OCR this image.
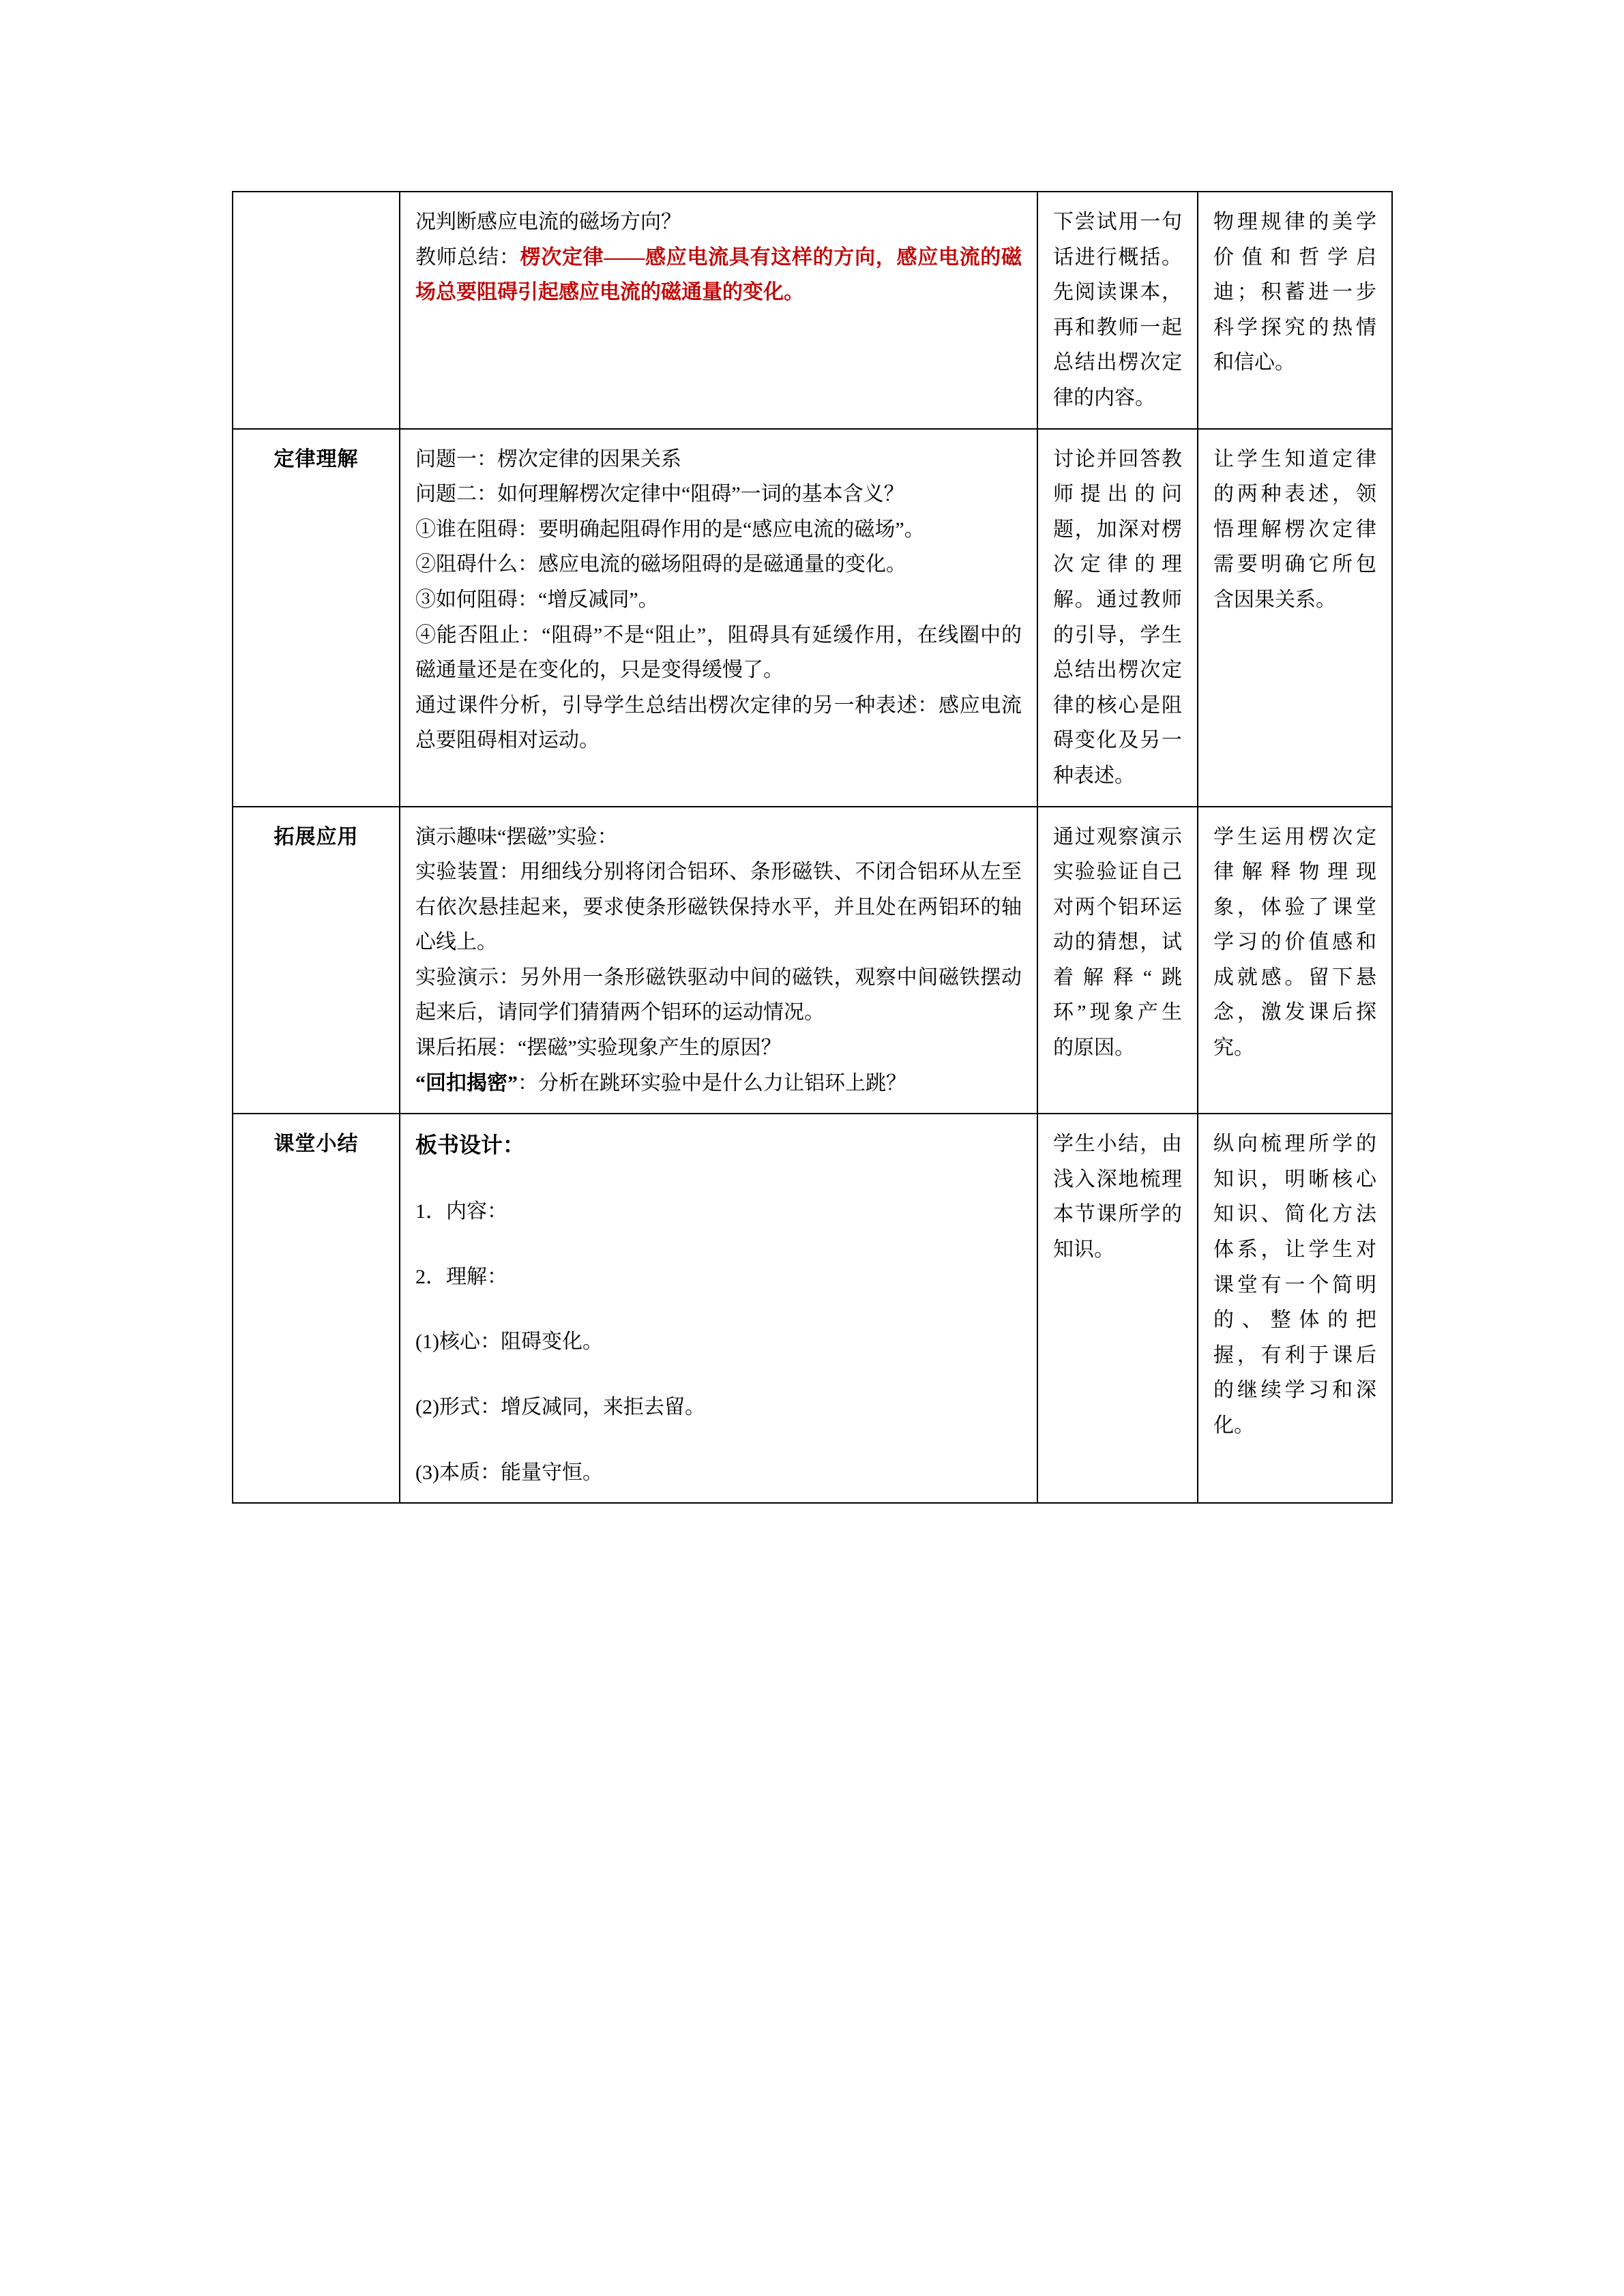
	况判断感应电流的磁场方向？

教师总结：楞次定律——感应电流具有这样的方向，感应电流的磁场总要阻碍引起感应电流的磁通量的变化。	下尝试用一句话进行概括。先阅读课本，再和教师一起总结出楞次定律的内容。	物理规律的美学价值和哲学启迪；积蓄进一步科学探究的热情和信心。
定律理解	问题一：楞次定律的因果关系

问题二：如何理解楞次定律中“阻碍”一词的基本含义？

①谁在阻碍：要明确起阻碍作用的是“感应电流的磁场”。

②阻碍什么：感应电流的磁场阻碍的是磁通量的变化。

③如何阻碍：“增反减同”。

④能否阻止：“阻碍”不是“阻止”，阻碍具有延缓作用，在线圈中的磁通量还是在变化的，只是变得缓慢了。

通过课件分析，引导学生总结出楞次定律的另一种表述：感应电流总要阻碍相对运动。

	讨论并回答教师提出的问题，加深对楞次定律的理解。通过教师的引导，学生总结出楞次定律的核心是阻碍变化及另一种表述。	让学生知道定律的两种表述，领悟理解楞次定律需要明确它所包含因果关系。
拓展应用	演示趣味“摆磁”实验：

实验装置：用细线分别将闭合铝环、条形磁铁、不闭合铝环从左至右依次悬挂起来，要求使条形磁铁保持水平，并且处在两铝环的轴心线上。

实验演示：另外用一条形磁铁驱动中间的磁铁，观察中间磁铁摆动起来后，请同学们猜猜两个铝环的运动情况。

课后拓展：“摆磁”实验现象产生的原因？

“回扣揭密”：分析在跳环实验中是什么力让铝环上跳？	通过观察演示实验验证自己对两个铝环运动的猜想，试着解释“跳环”现象产生的原因。	学生运用楞次定律解释物理现象，体验了课堂学习的价值感和成就感。留下悬念，激发课后探究。
课堂小结	板书设计：

1．内容：

2．理解：

(1)核心：阻碍变化。

(2)形式：增反减同，来拒去留。

(3)本质：能量守恒。

	学生小结，由浅入深地梳理本节课所学的知识。	纵向梳理所学的知识，明晰核心知识、简化方法体系，让学生对课堂有一个简明的、整体的把握，有利于课后的继续学习和深化。
